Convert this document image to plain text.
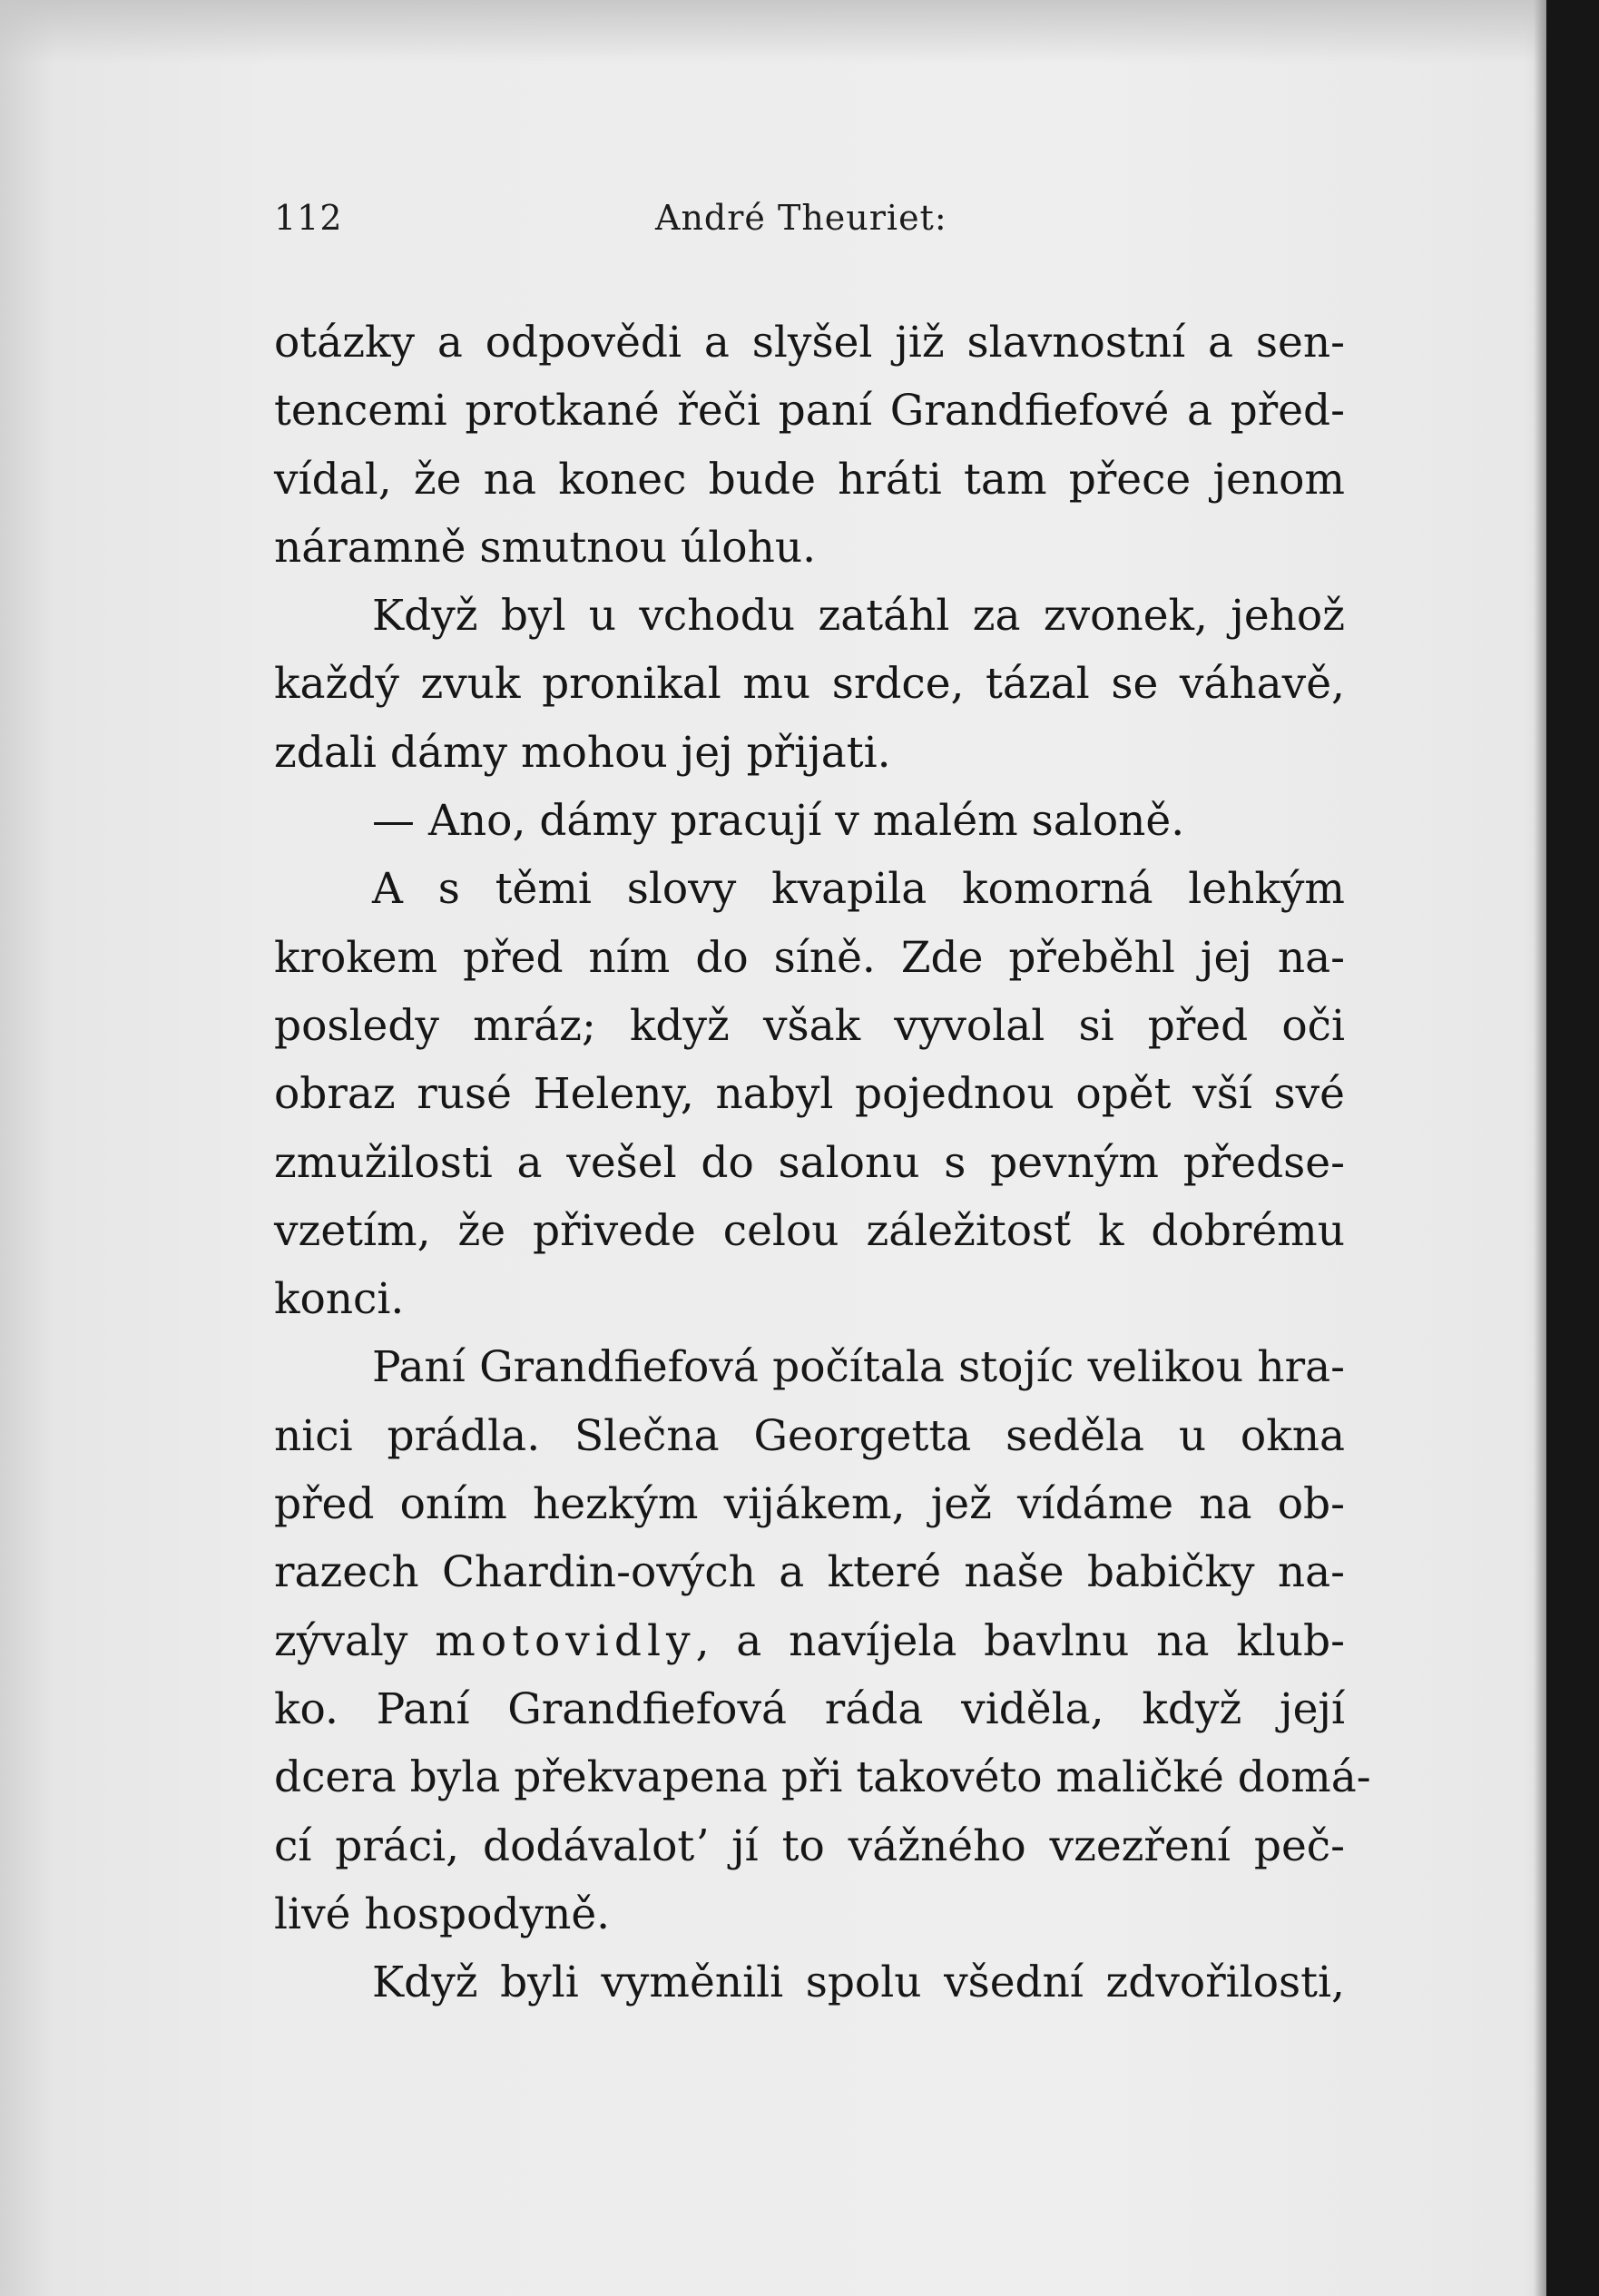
112	André Theuriet:
otázky a odpovědi a slyšel již slavnostní a sen-
tencemi protkané řeči paní Grandfiefové a před-
vídal, že na konec bude hráti tam přece jenom
náramně smutnou úlohu.
Když byl u vchodu zatáhl za zvonek, jehož
každý zvuk pronikal mu srdce, tázal se váhavě,
zdali dámy mohou jej přijati.
— Ano, dámy pracují v malém saloně.
A s těmi slovy kvapila komorná lehkým
krokem před ním do síně. Zde přeběhl jej na-
posledy mráz; když však vyvolal si před oči
obraz rusé Heleny, nabyl pojednou opět vší své
zmužilosti a vešel do salonu s pevným předse-
vzetím, že přivede celou záležitosť k dobrému
konci.
Paní Grandfiefová počítala stojíc velikou hra-
nici prádla. Slečna Georgetta seděla u okna
před oním hezkým vijákem, jež vídáme na ob-
razech Chardin-ových a které naše babičky na-
zývaly motovidly, a navíjela bavlnu na klub-
ko. Paní Grandfiefová ráda viděla, když její
dcera byla překvapena při takovéto maličké domá-
cí práci, dodávalotʼ jí to vážného vzezření peč-
livé hospodyně.
Když byli vyměnili spolu všední zdvořilosti,
